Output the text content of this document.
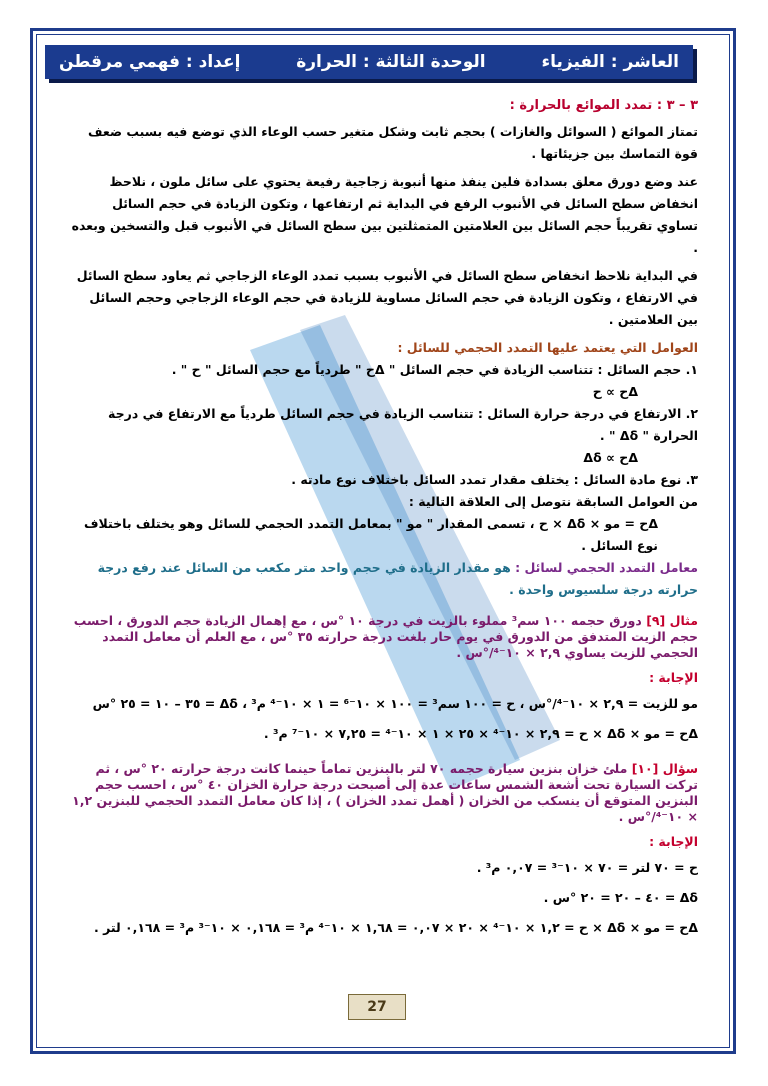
العاشر : الفيزياء
الوحدة الثالثة : الحرارة
إعداد : فهمي مرقطن

٣ – ٣ : تمدد الموائع بالحرارة :

تمتاز الموائع ( السوائل والغازات ) بحجم ثابت وشكل متغير حسب الوعاء الذي توضع فيه بسبب ضعف قوة التماسك بين جزيئاتها .

عند وضع دورق معلق بسدادة فلين ينفذ منها أنبوبة زجاجية رفيعة يحتوي على سائل ملون ، نلاحظ انخفاض سطح السائل في الأنبوب الرفع في البداية ثم ارتفاعها ، وتكون الزيادة في حجم السائل تساوي تقريباً حجم السائل بين العلامتين المتمثلتين بين سطح السائل في الأنبوب قبل والتسخين وبعده .

في البداية نلاحظ انخفاض سطح السائل في الأنبوب بسبب تمدد الوعاء الزجاجي ثم يعاود سطح السائل في الارتفاع ، وتكون الزيادة في حجم السائل مساوية للزيادة في حجم الوعاء الزجاجي وحجم السائل بين العلامتين .

العوامل التي يعتمد عليها التمدد الحجمي للسائل :

١. حجم السائل : تتناسب الزيادة في حجم السائل " Δح " طردياً مع حجم السائل " ح " .

Δح ∝ ح

٢. الارتفاع في درجة حرارة السائل : تتناسب الزيادة في حجم السائل طردياً مع الارتفاع في درجة الحرارة " Δδ " .

Δح ∝ Δδ

٣. نوع مادة السائل : يختلف مقدار تمدد السائل باختلاف نوع مادته .

من العوامل السابقة نتوصل إلى العلاقة التالية :

Δح = مو × Δδ × ح ، تسمى المقدار " مو " بمعامل التمدد الحجمي للسائل وهو يختلف باختلاف نوع السائل .

معامل التمدد الحجمي لسائل : هو مقدار الزيادة في حجم واحد متر مكعب من السائل عند رفع درجة حرارته درجة سلسيوس واحدة .

مثال [٩] دورق حجمه ١٠٠ سم³ مملوء بالزيت في درجة ١٠ °س ، مع إهمال الزيادة حجم الدورق ، احسب حجم الزيت المتدفق من الدورق في يوم حار بلغت درجة حرارته ٣٥ °س ، مع العلم أن معامل التمدد الحجمي للزيت يساوي ٢,٩ × ١٠⁻⁴/°س .

الإجابة :

مو للزيت = ٢,٩ × ١٠⁻⁴/°س ، ح = ١٠٠ سم³ = ١٠٠ × ١٠⁻⁶ = ١ × ١٠⁻⁴ م³ ، Δδ = ٣٥ – ١٠ = ٢٥ °س

Δح = مو × Δδ × ح = ٢,٩ × ١٠⁻⁴ × ٢٥ × ١ × ١٠⁻⁴ = ٧,٢٥ × ١٠⁻⁷ م³ .

سؤال [١٠] ملئ خزان بنزين سيارة حجمه ٧٠ لتر بالبنزين تماماً حينما كانت درجة حرارته ٢٠ °س ، ثم تركت السيارة تحت أشعة الشمس ساعات عدة إلى أصبحت درجة حرارة الخزان ٤٠ °س ، احسب حجم البنزين المتوقع أن ينسكب من الخزان ( أهمل تمدد الخزان ) ، إذا كان معامل التمدد الحجمي للبنزين ١,٢ × ١٠⁻⁴/°س .

الإجابة :

ح = ٧٠ لتر = ٧٠ × ١٠⁻³ = ٠,٠٧ م³ .

Δδ = ٤٠ – ٢٠ = ٢٠ °س .

Δح = مو × Δδ × ح = ١,٢ × ١٠⁻⁴ × ٢٠ × ٠,٠٧ = ١,٦٨ × ١٠⁻⁴ م³ = ٠,١٦٨ × ١٠⁻³ م³ = ٠,١٦٨ لتر .

27
